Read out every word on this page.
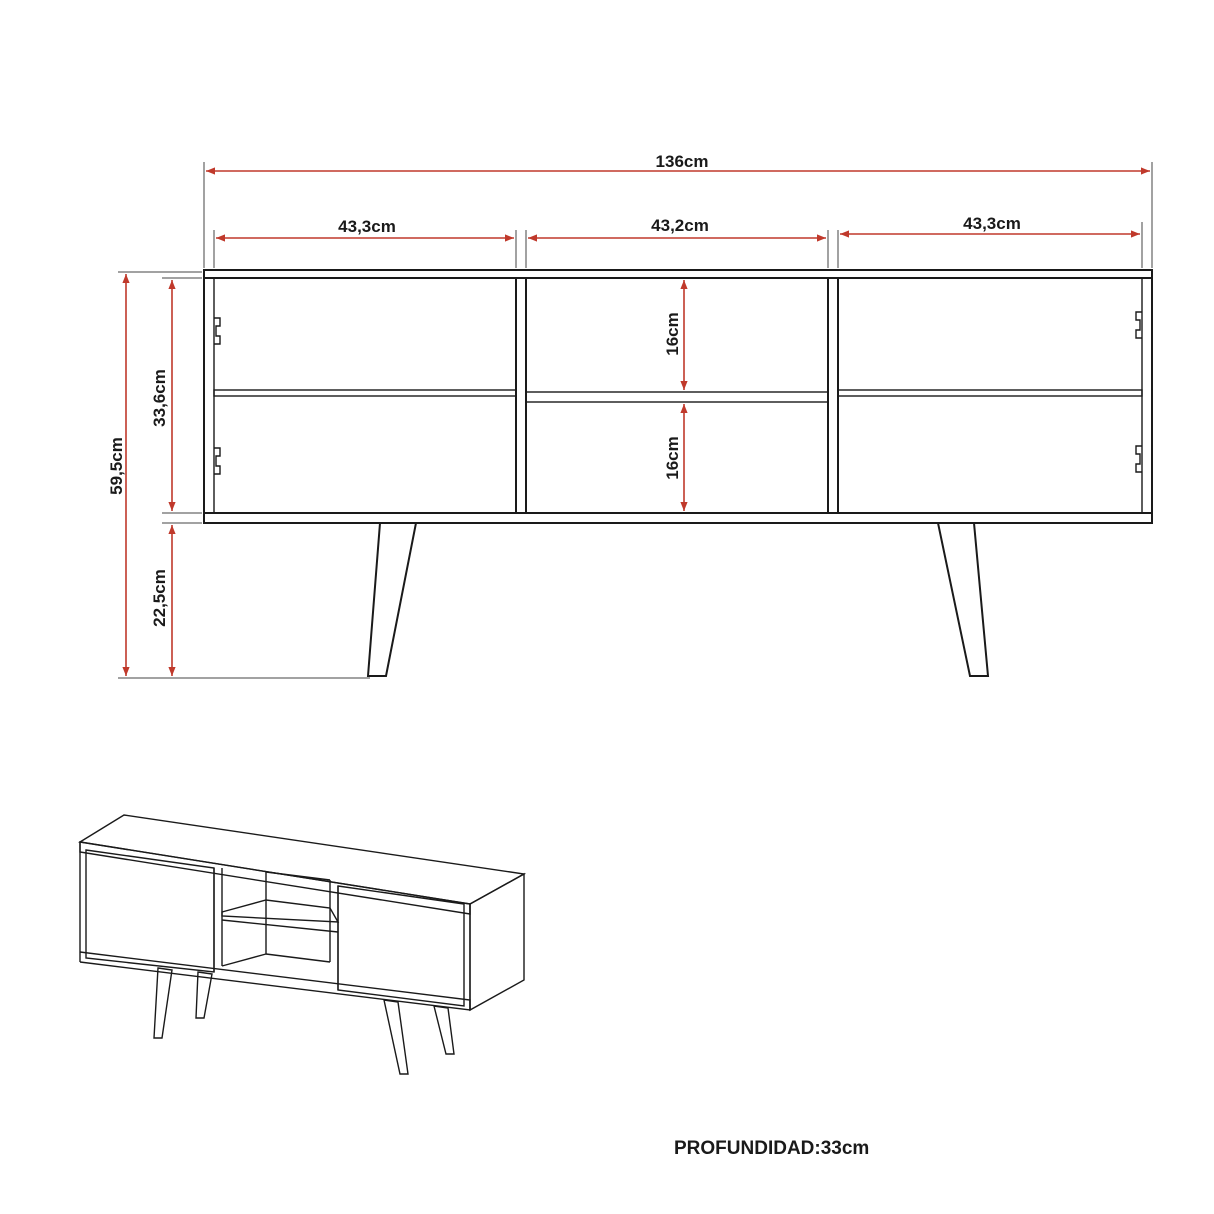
136cm
43,3cm	43,2cm	43,3cm
59,5cm
33,6cm
22,5cm
16cm
16cm
PROFUNDIDAD:33cm
